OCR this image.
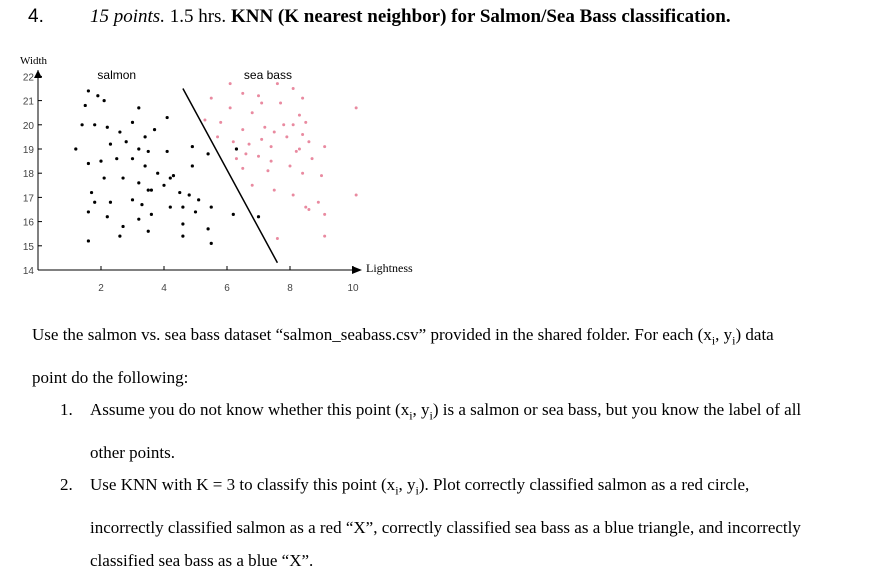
4. 15 points. 1.5 hrs. KNN (K nearest neighbor) for Salmon/Sea Bass classification.
Width
Lightness
22
21
20
19
18
17
16
15
14
2	4	6	8	10
salmon	sea bass
Use the salmon vs. sea bass dataset “salmon_seabass.csv” provided in the shared folder. For each ($x_i$, $y_i$) data
point do the following:
1. Assume you do not know whether this point ($x_i$, $y_i$) is a salmon or sea bass, but you know the label of all
other points.
2. Use KNN with K = 3 to classify this point ($x_i$, $y_i$). Plot correctly classified salmon as a red circle,
incorrectly classified salmon as a red “X”, correctly classified sea bass as a blue triangle, and incorrectly
classified sea bass as a blue “X”.
